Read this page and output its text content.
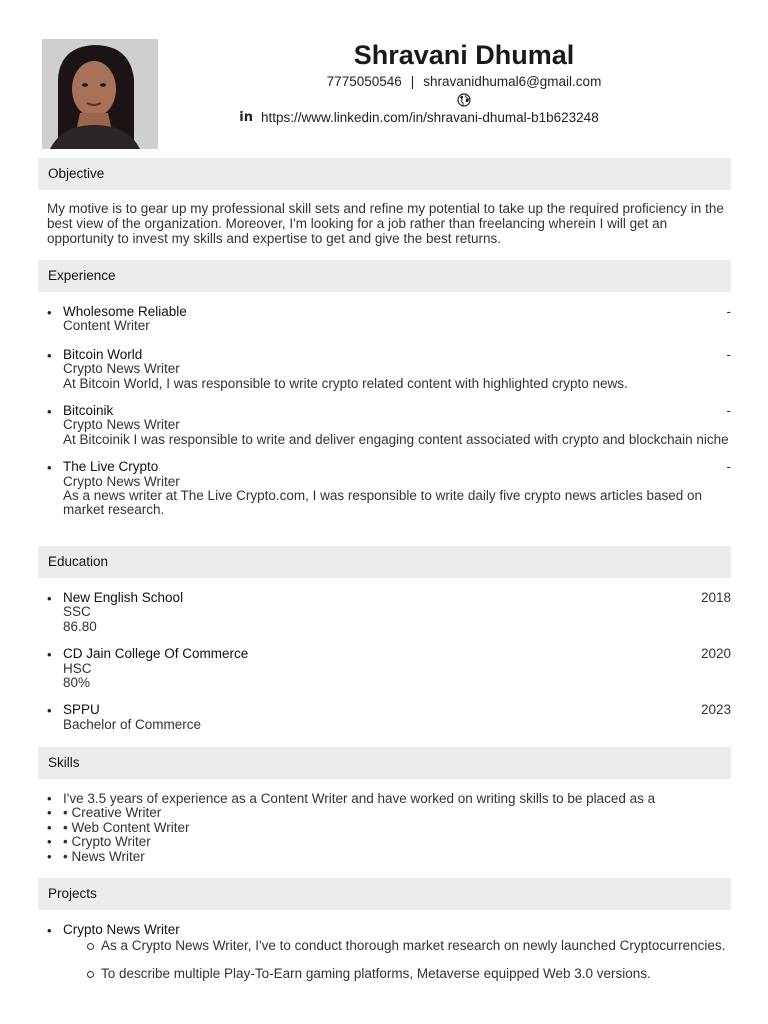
Shravani Dhumal
7775050546 | shravanidhumal6@gmail.com
in https://www.linkedin.com/in/shravani-dhumal-b1b623248
Objective
My motive is to gear up my professional skill sets and refine my potential to take up the required proficiency in the best view of the organization. Moreover, I'm looking for a job rather than freelancing wherein I will get an opportunity to invest my skills and expertise to get and give the best returns.
Experience
• Wholesome Reliable
Content Writer
-
• Bitcoin World
Crypto News Writer
At Bitcoin World, I was responsible to write crypto related content with highlighted crypto news.
-
• Bitcoinik
Crypto News Writer
At Bitcoinik I was responsible to write and deliver engaging content associated with crypto and blockchain niche
-
• The Live Crypto
Crypto News Writer
As a news writer at The Live Crypto.com, I was responsible to write daily five crypto news articles based on market research.
-
Education
• New English School
SSC
86.80
2018
• CD Jain College Of Commerce
HSC
80%
2020
• SPPU
Bachelor of Commerce
2023
Skills
• I've 3.5 years of experience as a Content Writer and have worked on writing skills to be placed as a
• • Creative Writer
• • Web Content Writer
• • Crypto Writer
• • News Writer
Projects
• Crypto News Writer
As a Crypto News Writer, I've to conduct thorough market research on newly launched Cryptocurrencies.
To describe multiple Play-To-Earn gaming platforms, Metaverse equipped Web 3.0 versions.
